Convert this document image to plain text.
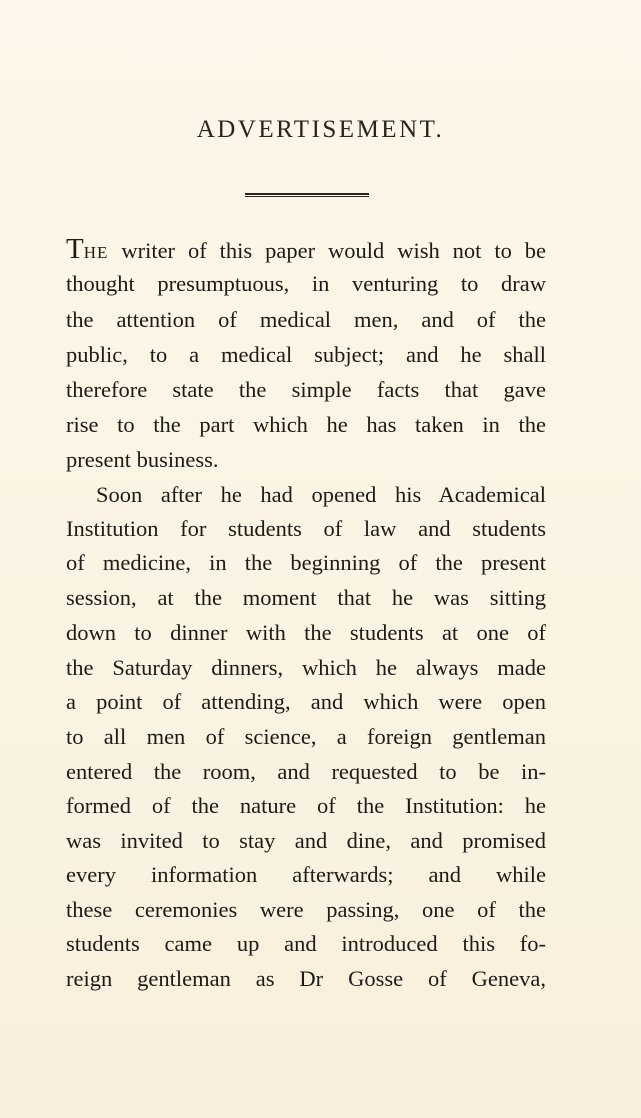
ADVERTISEMENT.

THE writer of this paper would wish not to be

thought presumptuous, in venturing to draw

the attention of medical men, and of the

public, to a medical subject; and he shall

therefore state the simple facts that gave

rise to the part which he has taken in the

present business.

Soon after he had opened his Academical

Institution for students of law and students

of medicine, in the beginning of the present

session, at the moment that he was sitting

down to dinner with the students at one of

the Saturday dinners, which he always made

a point of attending, and which were open

to all men of science, a foreign gentleman

entered the room, and requested to be in-

formed of the nature of the Institution: he

was invited to stay and dine, and promised

every information afterwards; and while

these ceremonies were passing, one of the

students came up and introduced this fo-

reign gentleman as Dr Gosse of Geneva,
